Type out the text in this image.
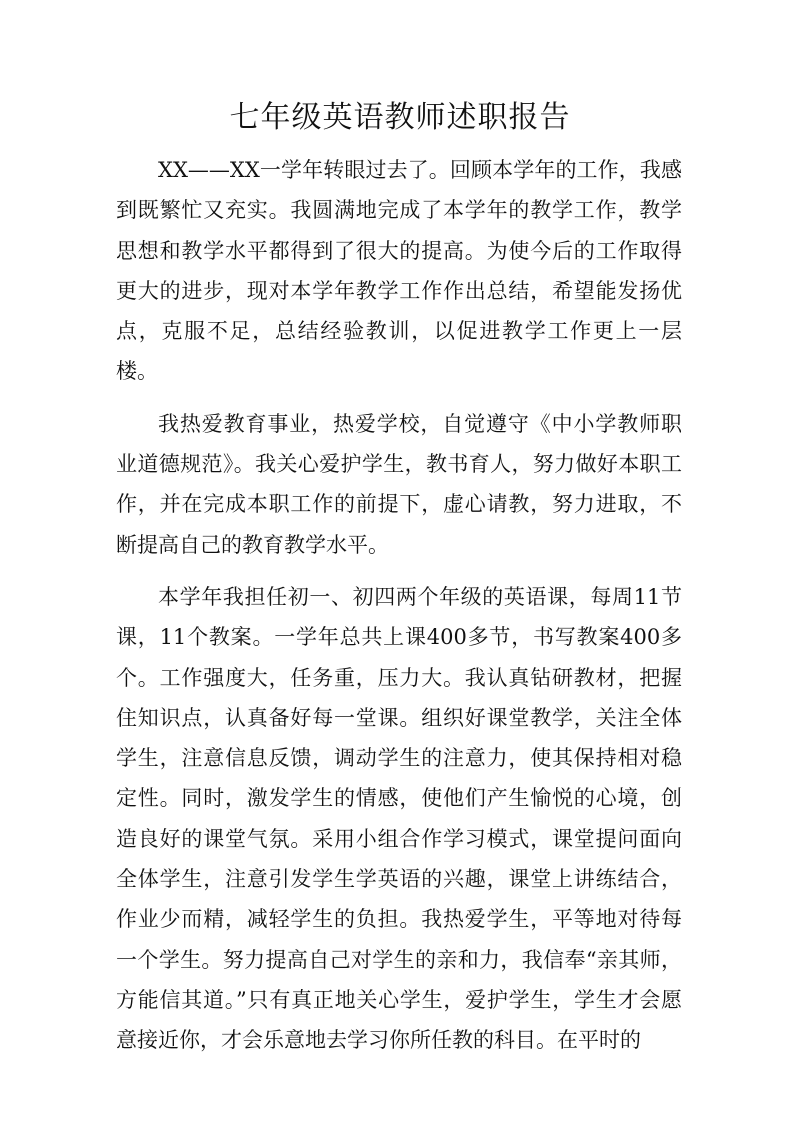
七年级英语教师述职报告

XX——XX一学年转眼过去了。回顾本学年的工作，我感到既繁忙又充实。我圆满地完成了本学年的教学工作，教学思想和教学水平都得到了很大的提高。为使今后的工作取得更大的进步，现对本学年教学工作作出总结，希望能发扬优点，克服不足，总结经验教训，以促进教学工作更上一层楼。

我热爱教育事业，热爱学校，自觉遵守《中小学教师职业道德规范》。我关心爱护学生，教书育人，努力做好本职工作，并在完成本职工作的前提下，虚心请教，努力进取，不断提高自己的教育教学水平。

本学年我担任初一、初四两个年级的英语课，每周11节课，11个教案。一学年总共上课400多节，书写教案400多个。工作强度大，任务重，压力大。我认真钻研教材，把握住知识点，认真备好每一堂课。组织好课堂教学，关注全体学生，注意信息反馈，调动学生的注意力，使其保持相对稳定性。同时，激发学生的情感，使他们产生愉悦的心境，创造良好的课堂气氛。采用小组合作学习模式，课堂提问面向全体学生，注意引发学生学英语的兴趣，课堂上讲练结合，作业少而精，减轻学生的负担。我热爱学生，平等地对待每一个学生。努力提高自己对学生的亲和力，我信奉“亲其师，方能信其道。”只有真正地关心学生，爱护学生，学生才会愿意接近你，才会乐意地去学习你所任教的科目。在平时的
